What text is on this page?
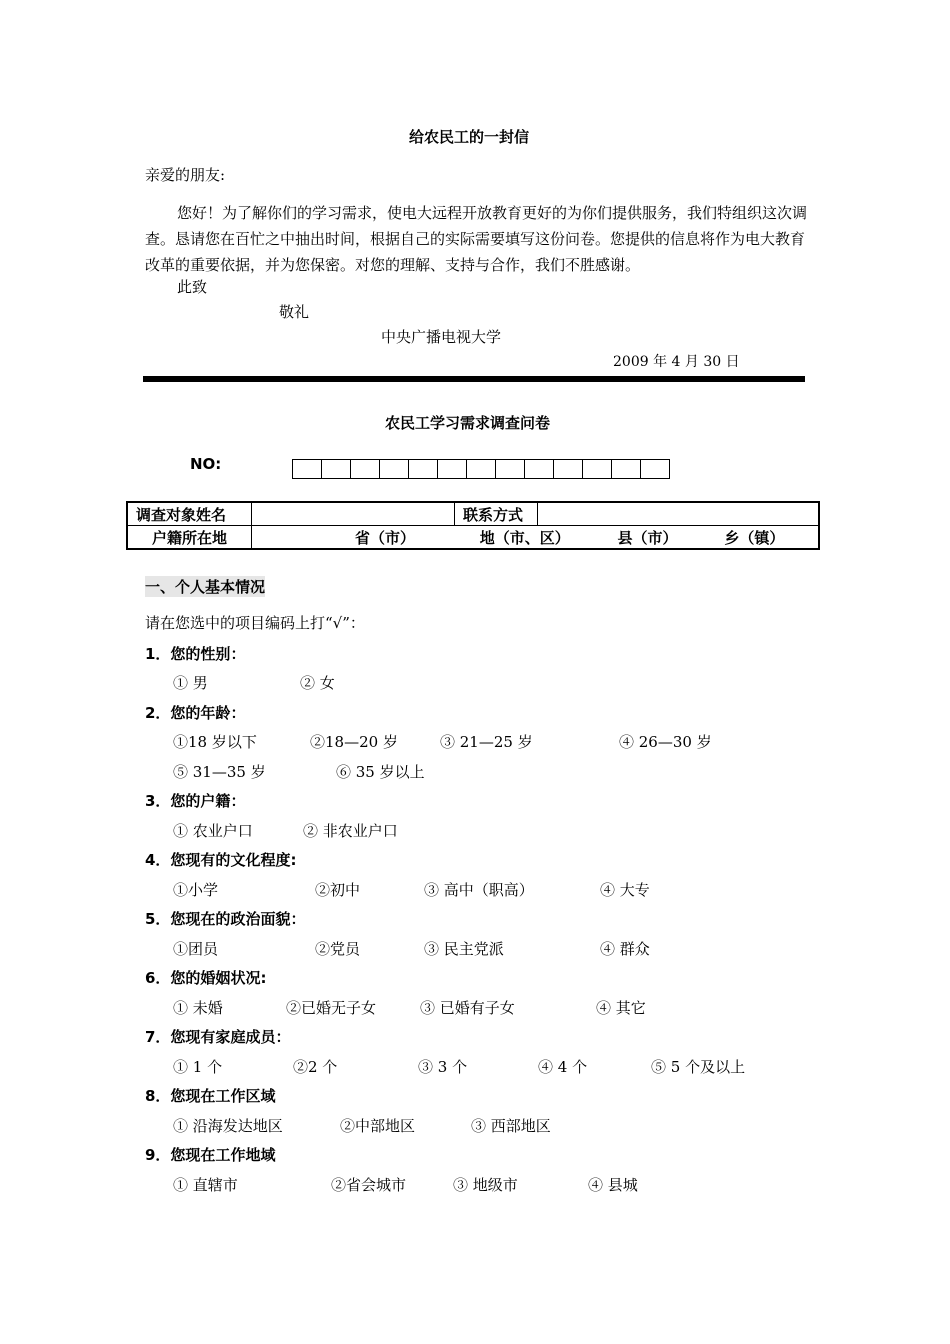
给农民工的一封信
亲爱的朋友:
您好！为了解你们的学习需求，使电大远程开放教育更好的为你们提供服务，我们特组织这次调查。恳请您在百忙之中抽出时间，根据自己的实际需要填写这份问卷。您提供的信息将作为电大教育改革的重要依据，并为您保密。对您的理解、支持与合作，我们不胜感谢。
此致
敬礼
中央广播电视大学
2009 年 4 月 30 日
农民工学习需求调查问卷
NO:
调查对象姓名		联系方式	
户籍所在地	省（市） 地（市、区） 县（市） 乡（镇）		
一、个人基本情况
请在您选中的项目编码上打“√”：
1．您的性别：
① 男	② 女
2．您的年龄：
①18 岁以下	②18—20 岁	③ 21—25 岁	④ 26—30 岁
⑤ 31—35 岁	⑥ 35 岁以上
3．您的户籍：
① 农业户口	② 非农业户口
4．您现有的文化程度:
①小学	②初中	③ 高中（职高）	④ 大专
5．您现在的政治面貌：
①团员	②党员	③ 民主党派	④ 群众
6．您的婚姻状况:
① 未婚	②已婚无子女	③ 已婚有子女	④ 其它
7．您现有家庭成员：
① 1 个	②2 个	③ 3 个	④ 4 个	⑤ 5 个及以上
8．您现在工作区域
① 沿海发达地区	②中部地区	③ 西部地区
9．您现在工作地域
① 直辖市	②省会城市	③ 地级市	④ 县城
